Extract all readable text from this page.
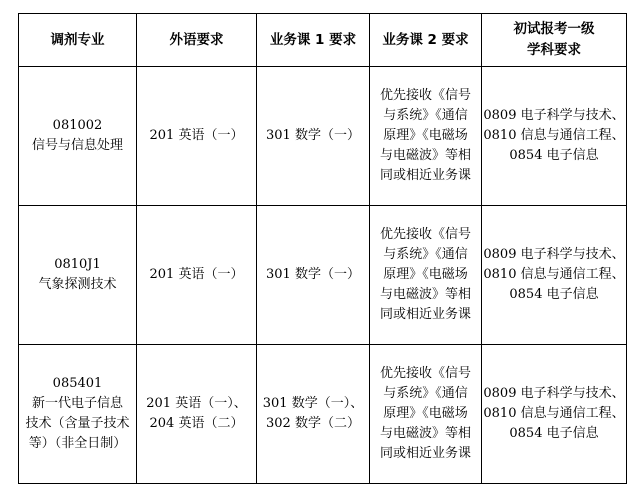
调剂专业	外语要求	业务课 1 要求	业务课 2 要求	初试报考一级
学科要求

081002
信号与信息处理	201 英语（一）	301 数学（一）	优先接收《信号
与系统》《通信
原理》《电磁场
与电磁波》等相
同或相近业务课	0809 电子科学与技术、
0810 信息与通信工程、
0854 电子信息

0810J1
气象探测技术	201 英语（一）	301 数学（一）	优先接收《信号
与系统》《通信
原理》《电磁场
与电磁波》等相
同或相近业务课	0809 电子科学与技术、
0810 信息与通信工程、
0854 电子信息

085401
新一代电子信息
技术（含量子技术
等）（非全日制）	201 英语（一）、
204 英语（二）	301 数学（一）、
302 数学（二）	优先接收《信号
与系统》《通信
原理》《电磁场
与电磁波》等相
同或相近业务课	0809 电子科学与技术、
0810 信息与通信工程、
0854 电子信息
